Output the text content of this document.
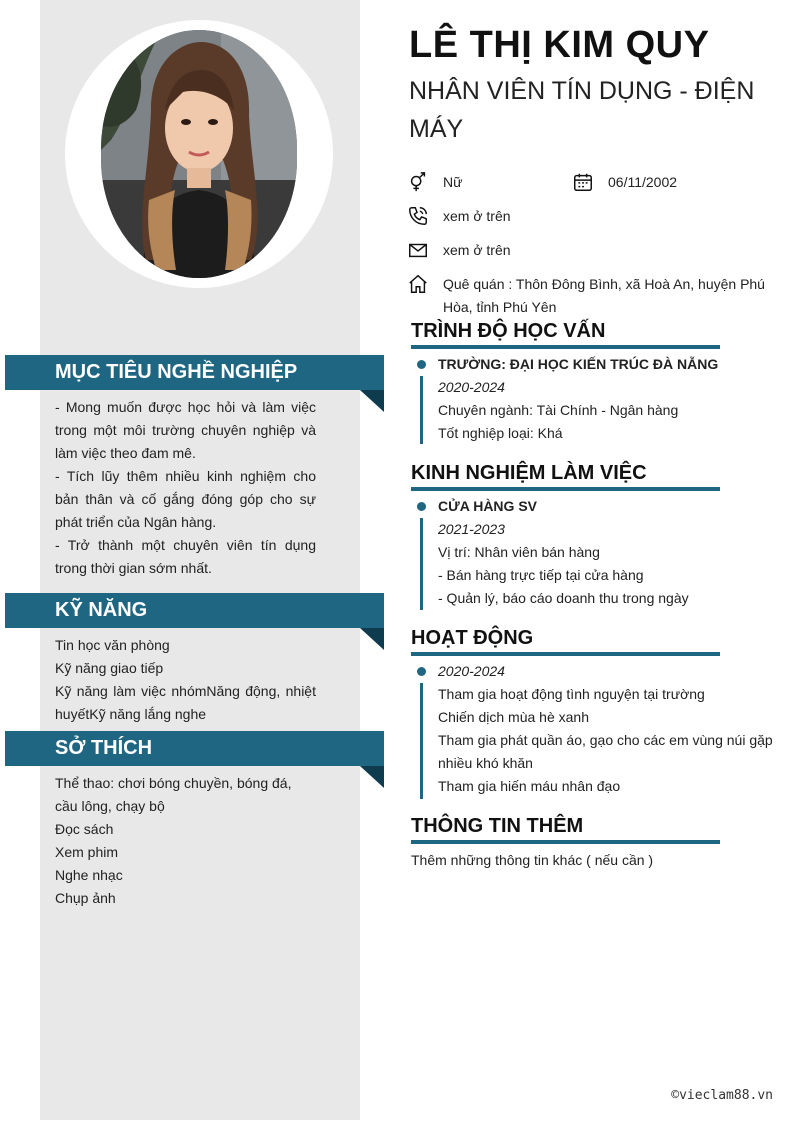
MỤC TIÊU NGHỀ NGHIỆP
- Mong muốn được học hỏi và làm việc trong một môi trường chuyên nghiệp và làm việc theo đam mê.
- Tích lũy thêm nhiều kinh nghiệm cho bản thân và cố gắng đóng góp cho sự phát triển của Ngân hàng.
- Trở thành một chuyên viên tín dụng trong thời gian sớm nhất.
KỸ NĂNG
Tin học văn phòng
Kỹ năng giao tiếp
Kỹ năng làm việc nhómNăng động, nhiệt huyếtKỹ năng lắng nghe
SỞ THÍCH
Thể thao: chơi bóng chuyền, bóng đá, cầu lông, chạy bộ
Đọc sách
Xem phim
Nghe nhạc
Chụp ảnh
LÊ THỊ KIM QUY
NHÂN VIÊN TÍN DỤNG - ĐIỆN MÁY
Nữ	06/11/2002
xem ở trên
xem ở trên
Quê quán : Thôn Đông Bình, xã Hoà An, huyện Phú
Hòa, tỉnh Phú Yên
TRÌNH ĐỘ HỌC VẤN
TRƯỜNG: ĐẠI HỌC KIẾN TRÚC ĐÀ NẴNG
2020-2024
Chuyên ngành: Tài Chính - Ngân hàng
Tốt nghiệp loại: Khá
KINH NGHIỆM LÀM VIỆC
CỬA HÀNG SV
2021-2023
Vị trí: Nhân viên bán hàng
- Bán hàng trực tiếp tại cửa hàng
- Quản lý, báo cáo doanh thu trong ngày
HOẠT ĐỘNG
2020-2024
Tham gia hoạt động tình nguyện tại trường
Chiến dịch mùa hè xanh
Tham gia phát quần áo, gạo cho các em vùng núi gặp
nhiều khó khăn
Tham gia hiến máu nhân đạo
THÔNG TIN THÊM
Thêm những thông tin khác ( nếu cần )
©vieclam88.vn
